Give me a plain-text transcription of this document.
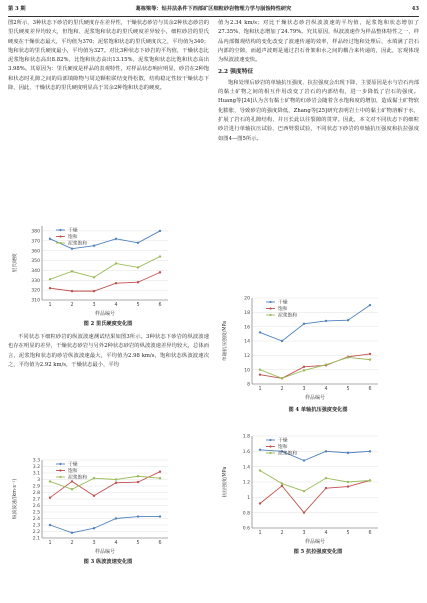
第 3 期	葛栋梁等：钻井法条件下西部矿区细粒砂岩物理力学与崩蚀特性研究	43

图2所示，3种状态下砂岩的里氏硬度存在差异性，干燥状态砂岩与其余2种状态砂岩的里氏硬度差异均较大，但饱和、泥浆饱和状态的里氏硬度差异较小，细粒砂岩的里氏硬度在干燥状态最大，平均值为370；泥浆饱和状态的里氏硬度次之，平均值为340；饱和状态的里氏硬度最小，平均值为327。对比3种状态下砂岩的平均值，干燥状态比泥浆饱和状态高出8.82%，比饱和状态高出13.15%，泥浆饱和状态比饱和状态高出3.98%。其原因为：里氏硬度是样品的表观特性，对样品状态响应明显，砂岩在2种饱和状态时孔隙之间的局部填隙物与周边颗粒联结变得松散，结构稳定性较干燥状态下降，因此，干燥状态的里氏硬度明显高于其余2种饱和状态的硬度。

310
320
330
340
350
360
370
380
1	2	3	4	5	6
样品编号
里氏硬度
干燥
饱和
泥浆饱和
图 2 里氏硬度变化图

不同状态下细粒砂岩的纵波波速测试结果如图3所示。3种状态下砂岩的纵波波速也存在明显的差异，干燥状态砂岩与另外2种状态砂岩的纵波波速差异均较大，总体而言，泥浆饱和状态的砂岩纵波波速最大，平均值为2.98 km/s，饱和状态纵波波速次之，平均值为2.92 km/s，干燥状态最小，平均

2.1
2.2
2.3
2.4
2.5
2.6
2.7
2.8
2.9
3
3.1
3.2
3.3
1	2	3	4	5	6
样品编号
纵波波速/(km·s⁻¹)
干燥
饱和
泥浆饱和
图 3 纵波波速变化图

值为2.34 km/s；对比干燥状态砂岩纵波波速的平均值，泥浆饱和状态增加了27.35%，饱和状态增加了24.79%。究其原因，纵波波速作为样品整体特性之一，样品内部微观结构的变化改变了波速传递的效率，样品经过饱和处理后，水填满了岩石内部的空隙，而超声波则是通过岩石骨架和水之间的耦合来传递的，因此，宏观体现为纵波波速变快。

2.2 强度特征

饱和处理后砂岩的单轴抗压强度、抗拉强度会出现下降，主要原因是水与岩石内部的黏土矿物之间的相互作用改变了岩石的内部结构，进一步降低了岩石的强度。Huang等[24]认为含有黏土矿物的红砂岩会随着含水饱和度的增加，造成黏土矿物软化膨胀，导致砂岩的强度降低，Zhang等[25]研究表明岩土中的黏土矿物溶解于水，扩展了岩石的孔隙结构，并且长此以往裂隙的贯穿。因此，本文对不同状态下的细粒砂岩进行单轴抗压试验、巴西劈裂试验，不同状态下砂岩的单轴抗压强度和抗拉强度如图4—图5所示。

8
10
12
14
16
18
20
1	2	3	4	5	6
样品编号
单轴抗压强度/MPa
干燥
饱和
泥浆饱和
图 4 单轴抗压强度变化图
0.6
0.8
1
1.2
1.4
1.6
1.8
1	2	3	4	5	6
样品编号
抗拉强度/MPa
干燥
饱和
泥浆饱和
图 5 抗拉强度变化图
